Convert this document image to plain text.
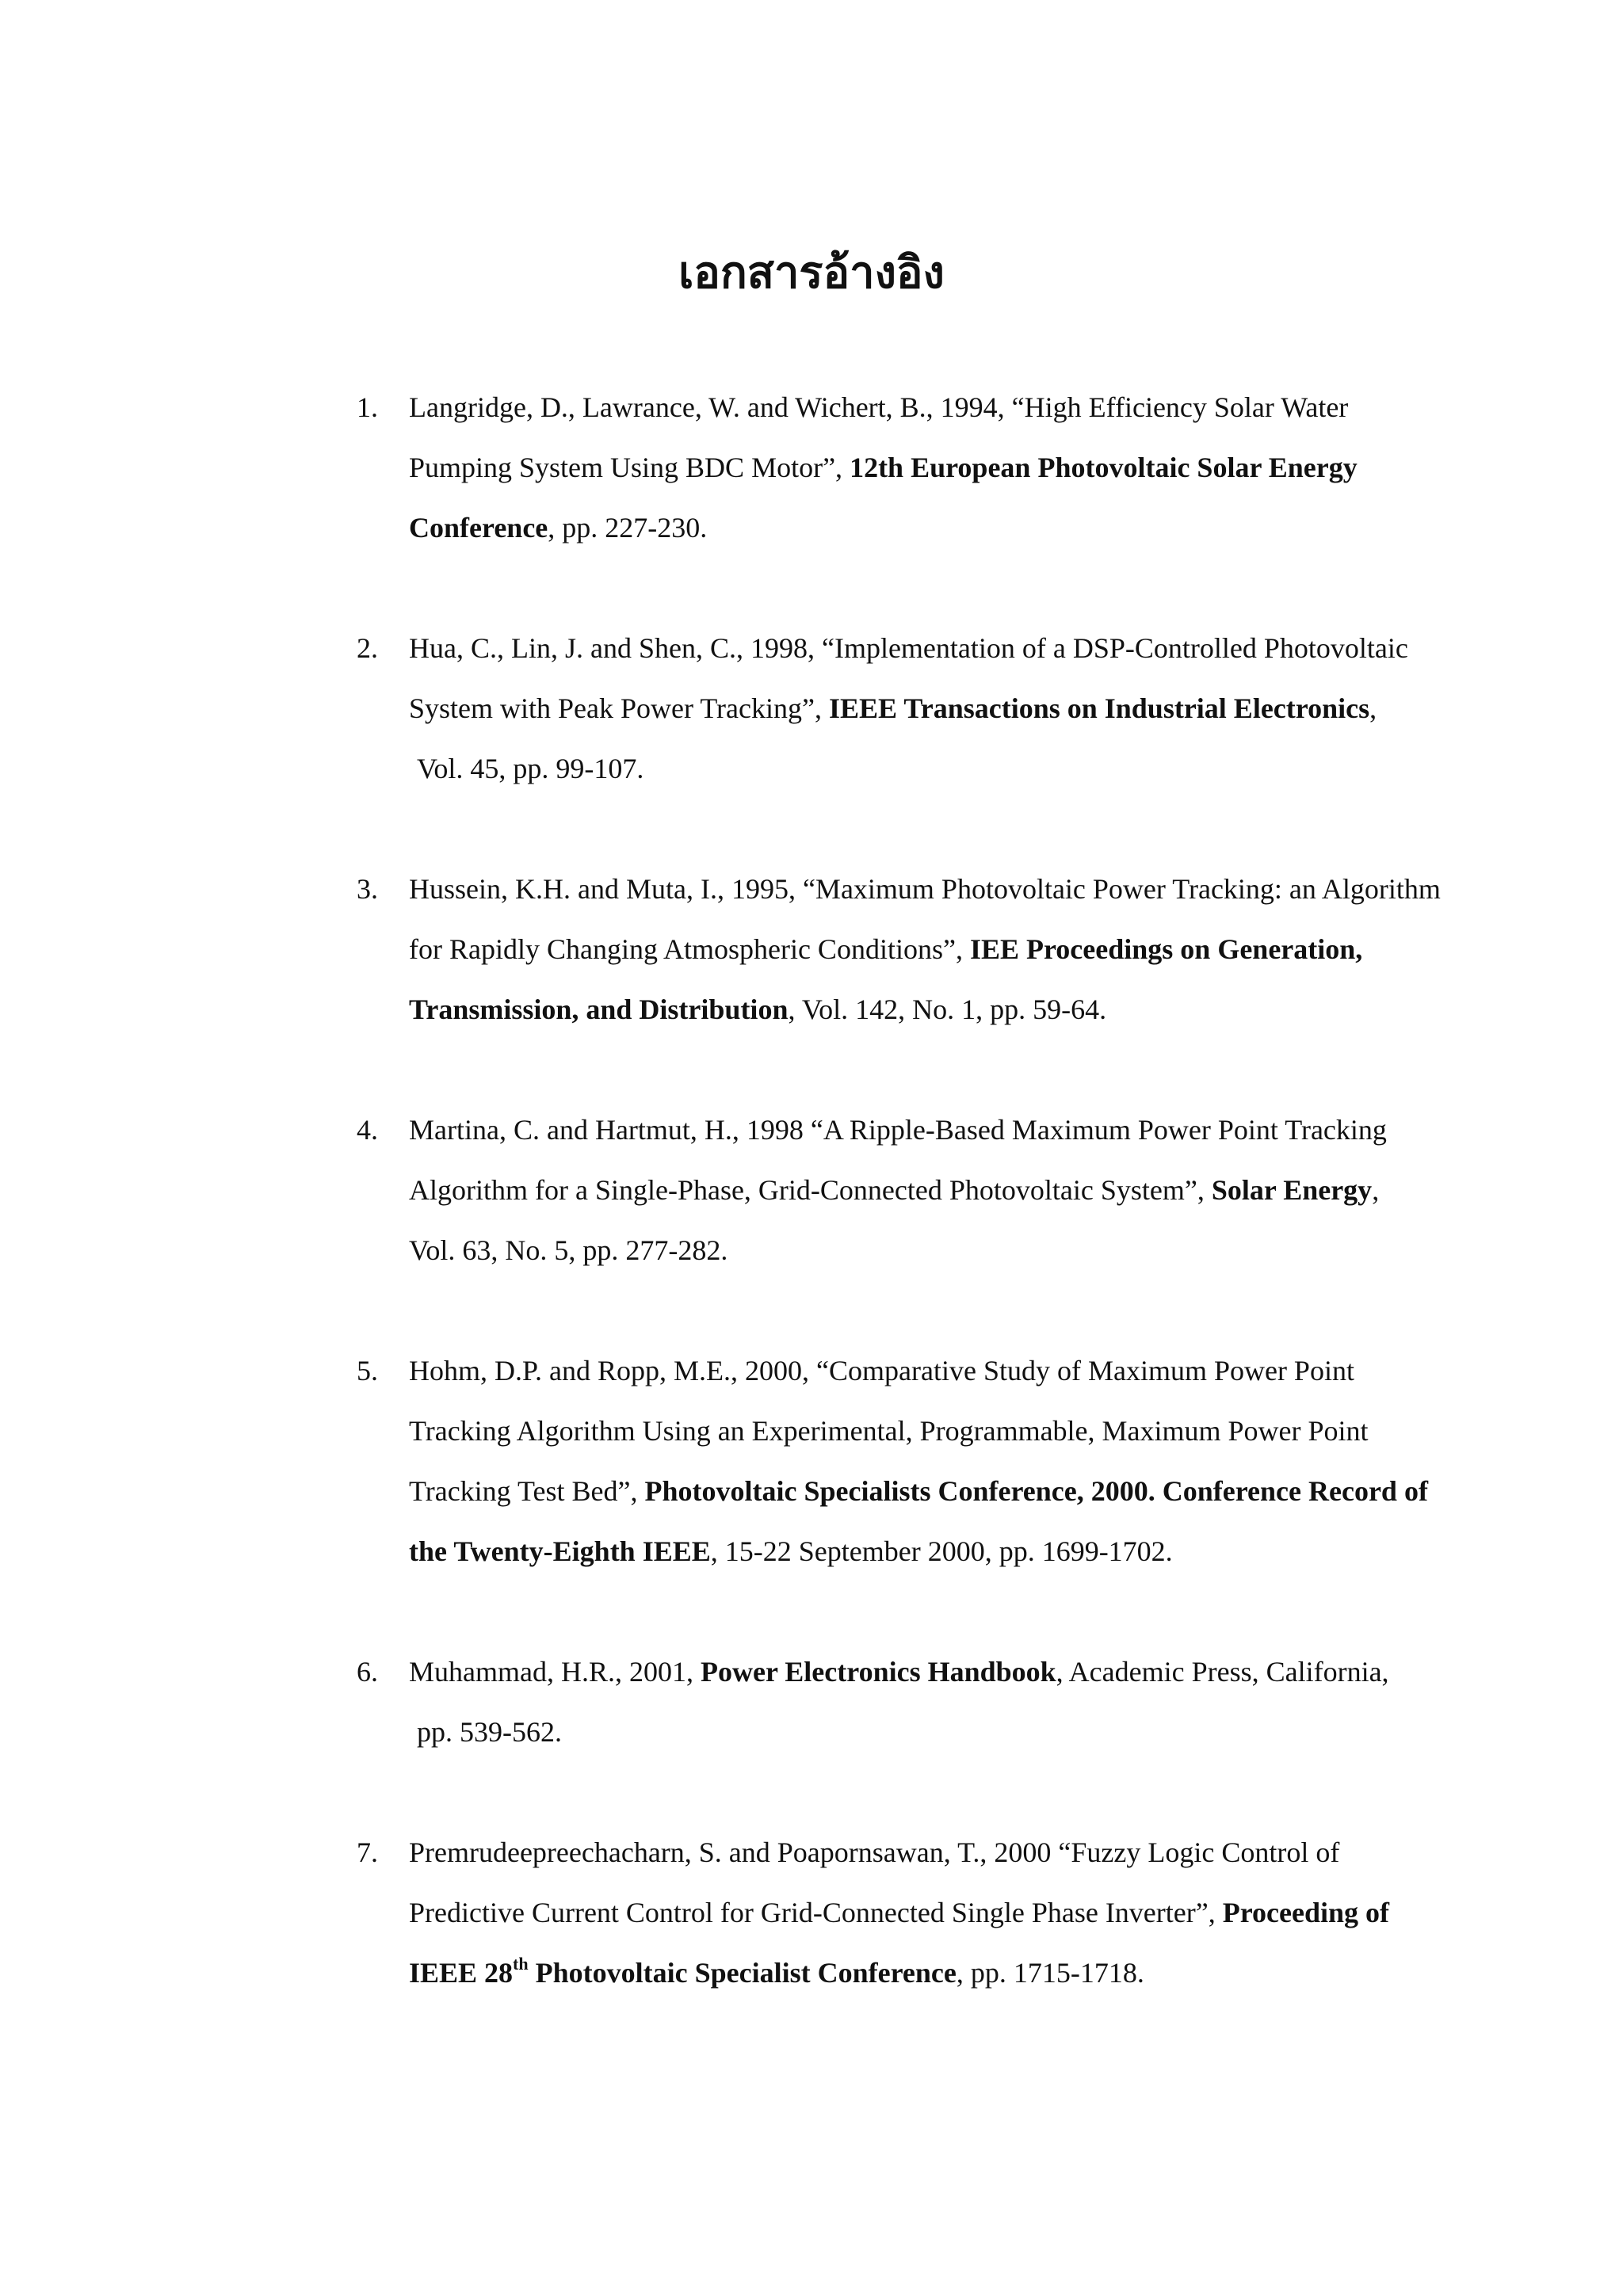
เอกสารอ้างอิง
1. Langridge, D., Lawrance, W. and Wichert, B., 1994, “High Efficiency Solar Water
Pumping System Using BDC Motor”, 12th European Photovoltaic Solar Energy
Conference, pp. 227-230.
2. Hua, C., Lin, J. and Shen, C., 1998, “Implementation of a DSP-Controlled Photovoltaic
System with Peak Power Tracking”, IEEE Transactions on Industrial Electronics,
Vol. 45, pp. 99-107.
3. Hussein, K.H. and Muta, I., 1995, “Maximum Photovoltaic Power Tracking: an Algorithm
for Rapidly Changing Atmospheric Conditions”, IEE Proceedings on Generation,
Transmission, and Distribution, Vol. 142, No. 1, pp. 59-64.
4. Martina, C. and Hartmut, H., 1998 “A Ripple-Based Maximum Power Point Tracking
Algorithm for a Single-Phase, Grid-Connected Photovoltaic System”, Solar Energy,
Vol. 63, No. 5, pp. 277-282.
5. Hohm, D.P. and Ropp, M.E., 2000, “Comparative Study of Maximum Power Point
Tracking Algorithm Using an Experimental, Programmable, Maximum Power Point
Tracking Test Bed”, Photovoltaic Specialists Conference, 2000. Conference Record of
the Twenty-Eighth IEEE, 15-22 September 2000, pp. 1699-1702.
6. Muhammad, H.R., 2001, Power Electronics Handbook, Academic Press, California,
pp. 539-562.
7. Premrudeepreechacharn, S. and Poapornsawan, T., 2000 “Fuzzy Logic Control of
Predictive Current Control for Grid-Connected Single Phase Inverter”, Proceeding of
IEEE 28th Photovoltaic Specialist Conference, pp. 1715-1718.
